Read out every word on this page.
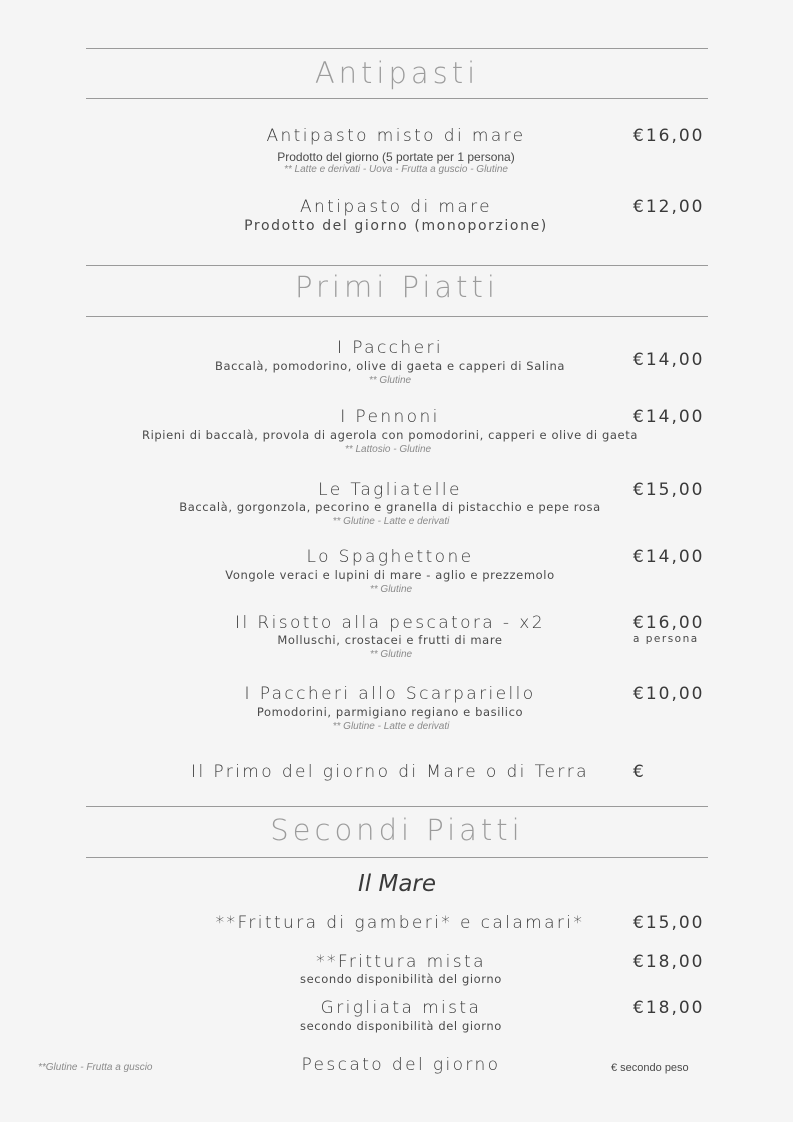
Antipasti
Antipasto misto di mare
Prodotto del giorno (5 portate per 1 persona)
** Latte e derivati - Uova - Frutta a guscio - Glutine
€16,00
Antipasto di mare
Prodotto del giorno (monoporzione)
€12,00
Primi Piatti
I Paccheri
Baccalà, pomodorino, olive di gaeta e capperi di Salina
** Glutine
€14,00
I Pennoni
Ripieni di baccalà, provola di agerola con pomodorini, capperi e olive di gaeta
** Lattosio - Glutine
€14,00
Le Tagliatelle
Baccalà, gorgonzola, pecorino e granella di pistacchio e pepe rosa
** Glutine - Latte e derivati
€15,00
Lo Spaghettone
Vongole veraci e lupini di mare - aglio e prezzemolo
** Glutine
€14,00
Il Risotto alla pescatora - x2
Molluschi, crostacei e frutti di mare
** Glutine
€16,00
a persona
I Paccheri allo Scarpariello
Pomodorini, parmigiano regiano e basilico
** Glutine - Latte e derivati
€10,00
Il Primo del giorno di Mare o di Terra	€
Secondi Piatti
Il Mare
**Frittura di gamberi* e calamari*	€15,00
**Frittura mista
secondo disponibilità del giorno
€18,00
Grigliata mista
secondo disponibilità del giorno
€18,00
**Glutine - Frutta a guscio	Pescato del giorno	€ secondo peso
